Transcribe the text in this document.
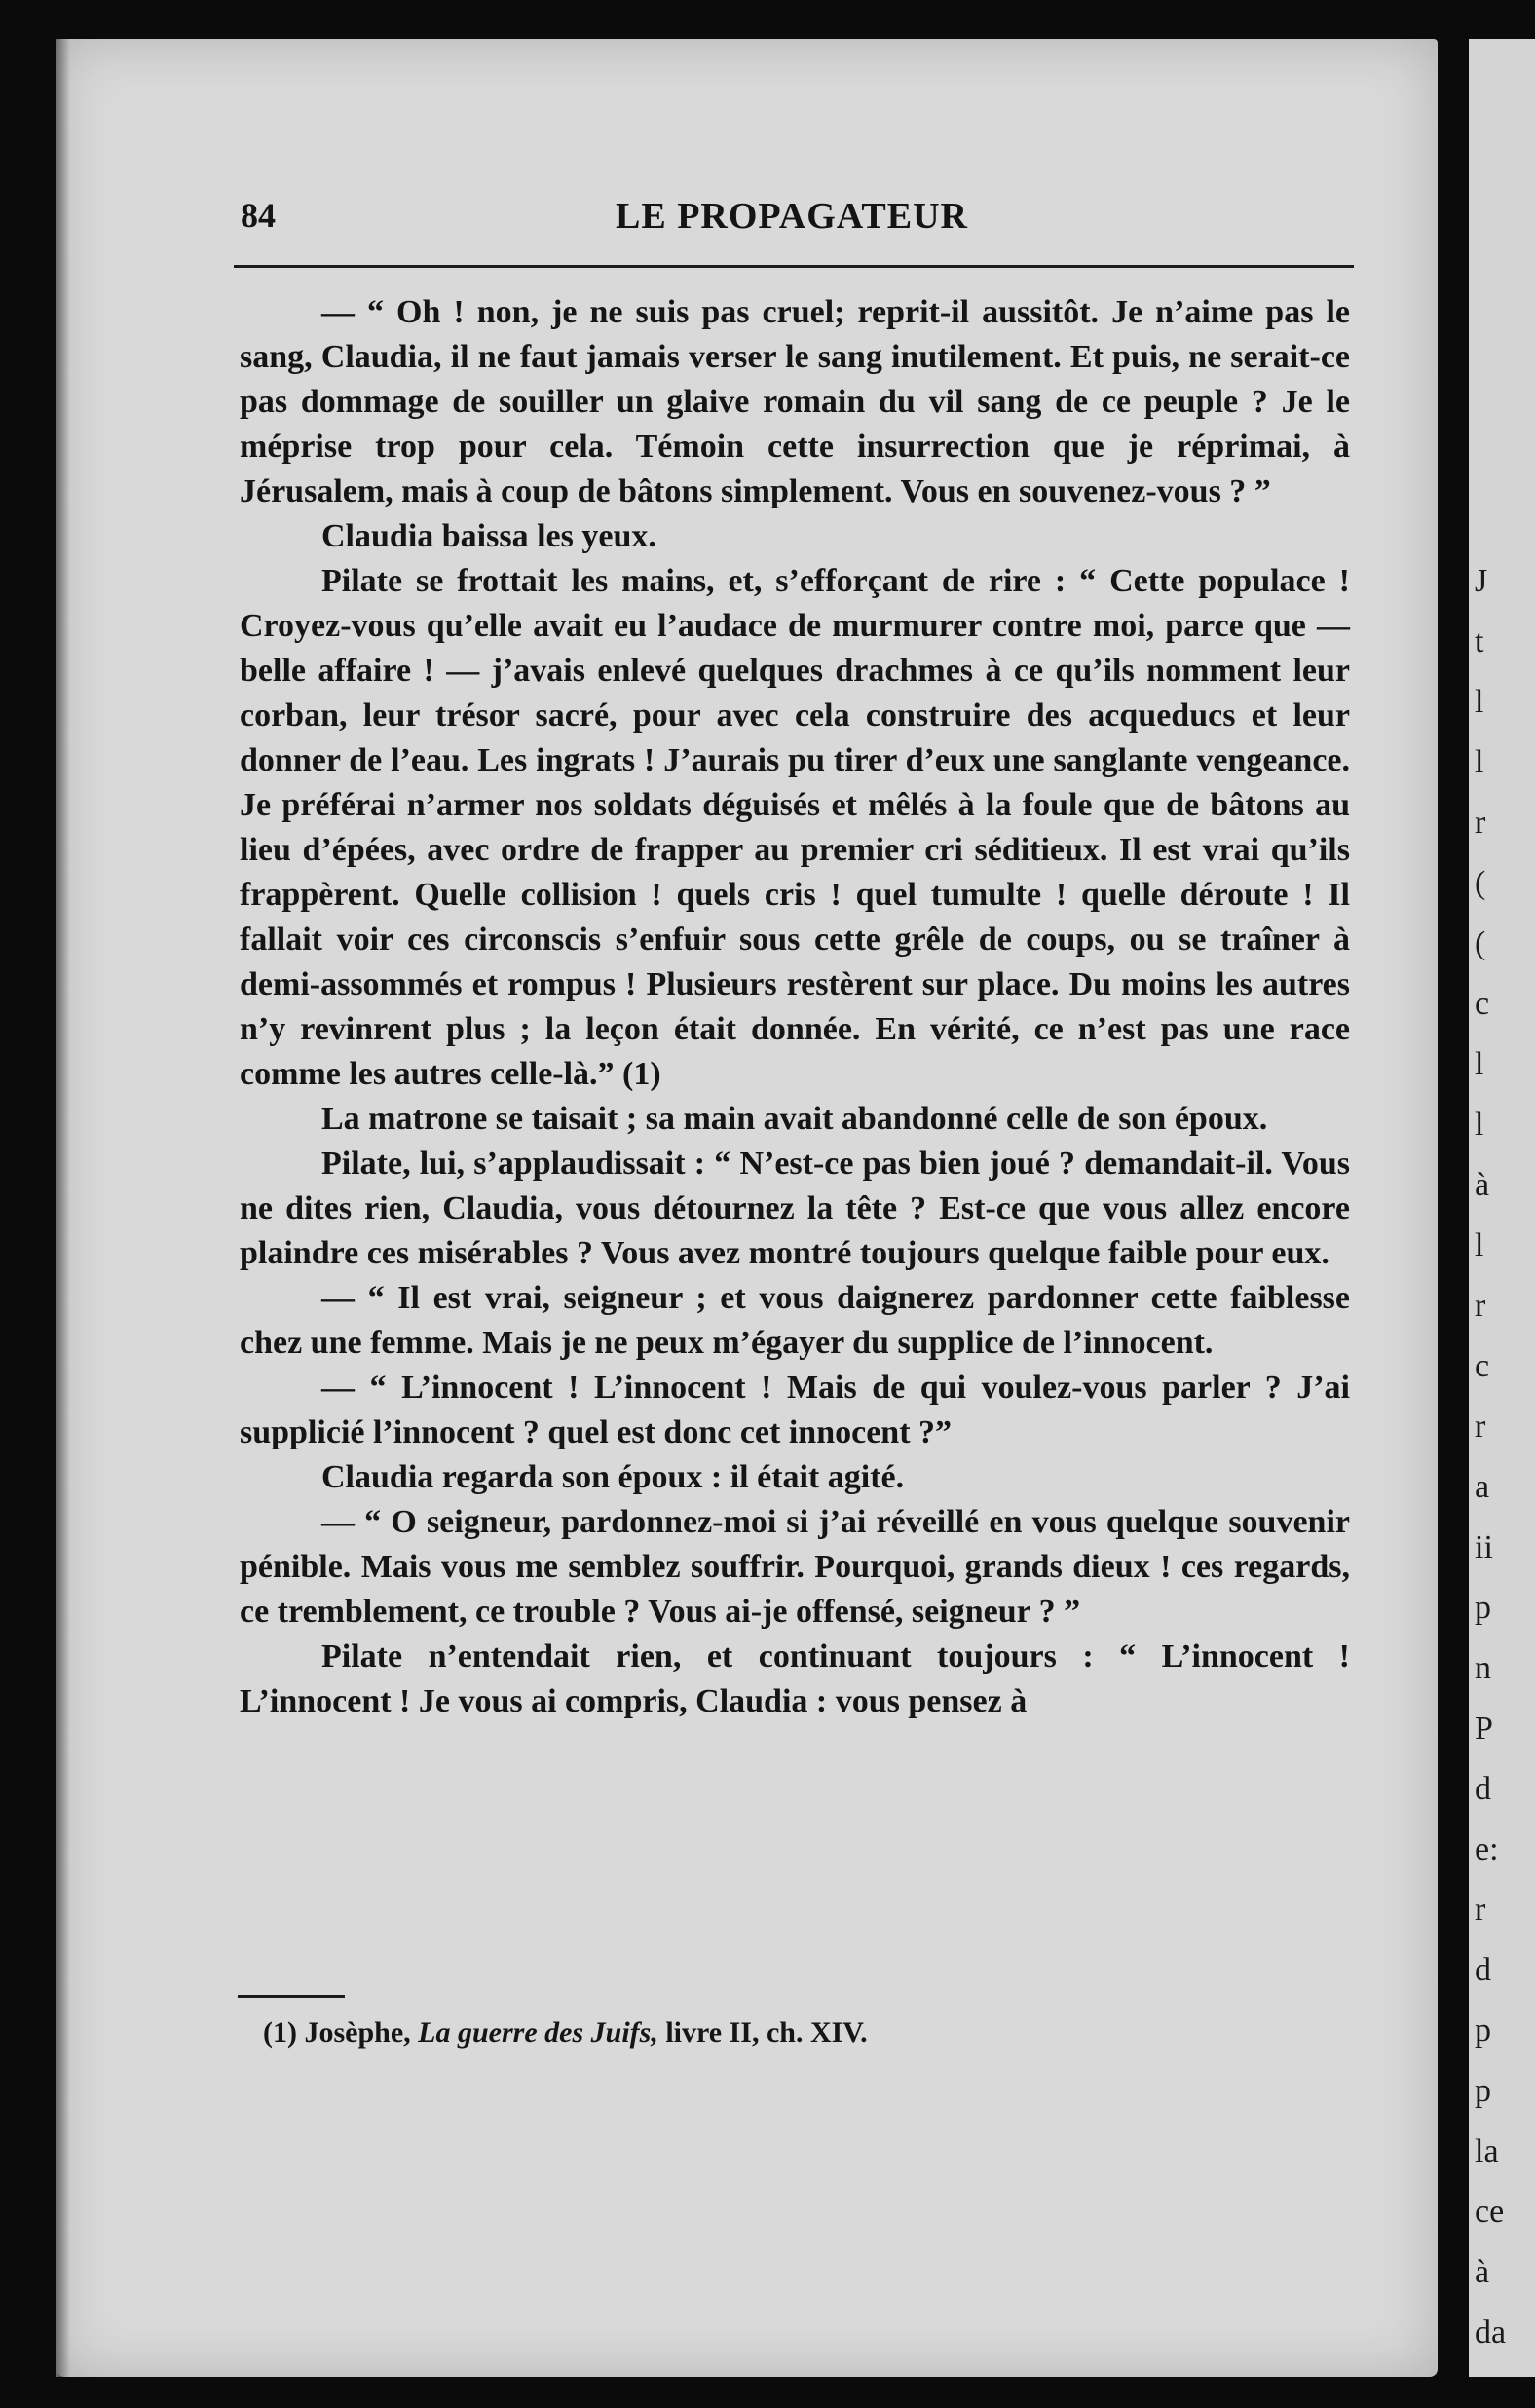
J
t
l
l
r
(
(
c
l
l
à
l
r
c
r
a
ii
p
n
P
d
e:
r
d
p
p
la
ce
à
da
84	LE PROPAGATEUR

— “ Oh ! non, je ne suis pas cruel; reprit-il aussitôt. Je n’aime pas le sang, Claudia, il ne faut jamais verser le sang inutilement. Et puis, ne serait-ce pas dommage de souiller un glaive romain du vil sang de ce peuple ? Je le méprise trop pour cela. Témoin cette insurrection que je réprimai, à Jérusalem, mais à coup de bâtons simplement. Vous en souvenez-vous ? ”

Claudia baissa les yeux.

Pilate se frottait les mains, et, s’efforçant de rire : “ Cette populace ! Croyez-vous qu’elle avait eu l’audace de murmurer contre moi, parce que — belle affaire ! — j’avais enlevé quelques drachmes à ce qu’ils nomment leur corban, leur trésor sacré, pour avec cela construire des acqueducs et leur donner de l’eau. Les ingrats ! J’aurais pu tirer d’eux une sanglante vengeance. Je préférai n’armer nos soldats déguisés et mêlés à la foule que de bâtons au lieu d’épées, avec ordre de frapper au premier cri séditieux. Il est vrai qu’ils frappèrent. Quelle collision ! quels cris ! quel tumulte ! quelle déroute ! Il fallait voir ces circonscis s’enfuir sous cette grêle de coups, ou se traîner à demi-assommés et rompus ! Plusieurs restèrent sur place. Du moins les autres n’y revinrent plus ; la leçon était donnée. En vérité, ce n’est pas une race comme les autres celle-là.” (1)

La matrone se taisait ; sa main avait abandonné celle de son époux.

Pilate, lui, s’applaudissait : “ N’est-ce pas bien joué ? demandait-il. Vous ne dites rien, Claudia, vous détournez la tête ? Est-ce que vous allez encore plaindre ces misérables ? Vous avez montré toujours quelque faible pour eux.

— “ Il est vrai, seigneur ; et vous daignerez pardonner cette faiblesse chez une femme. Mais je ne peux m’égayer du supplice de l’innocent.

— “ L’innocent ! L’innocent ! Mais de qui voulez-vous parler ? J’ai supplicié l’innocent ? quel est donc cet innocent ?”

Claudia regarda son époux : il était agité.

— “ O seigneur, pardonnez-moi si j’ai réveillé en vous quelque souvenir pénible. Mais vous me semblez souffrir. Pourquoi, grands dieux ! ces regards, ce tremblement, ce trouble ? Vous ai-je offensé, seigneur ? ”

Pilate n’entendait rien, et continuant toujours : “ L’innocent ! L’innocent ! Je vous ai compris, Claudia : vous pensez à

(1) Josèphe, La guerre des Juifs, livre II, ch. XIV.
